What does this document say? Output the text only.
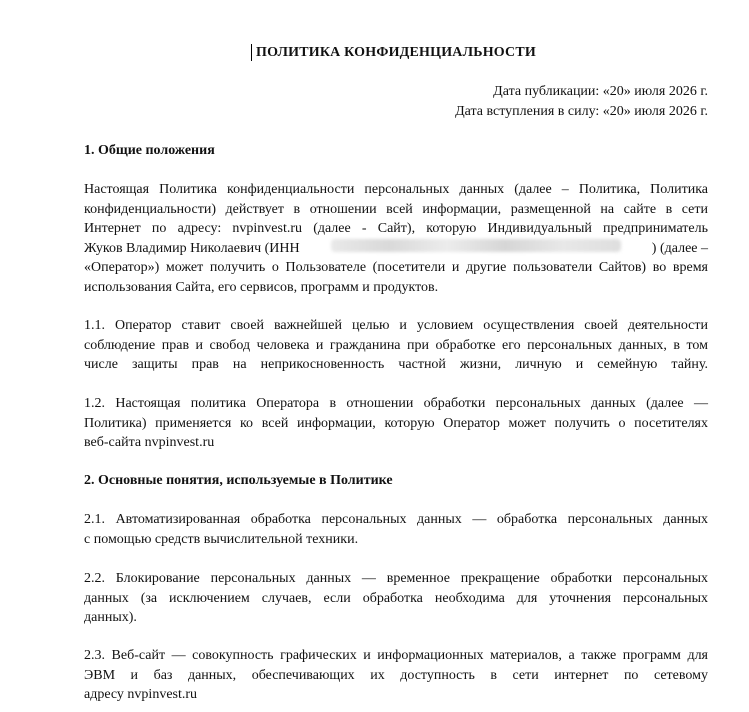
ПОЛИТИКА КОНФИДЕНЦИАЛЬНОСТИ
Дата публикации: «20» июля 2026 г.
Дата вступления в силу: «20» июля 2026 г.
1. Общие положения
Настоящая Политика конфиденциальности персональных данных (далее – Политика, Политика
конфиденциальности) действует в отношении всей информации, размещенной на сайте в сети
Интернет по адресу: nvpinvest.ru (далее - Сайт), которую Индивидуальный предприниматель
Жуков Владимир Николаевич (ИНН	) (далее –
«Оператор») может получить о Пользователе (посетители и другие пользователи Сайтов) во время
использования Сайта, его сервисов, программ и продуктов.
1.1. Оператор ставит своей важнейшей целью и условием осуществления своей деятельности
соблюдение прав и свобод человека и гражданина при обработке его персональных данных, в том
числе защиты прав на неприкосновенность частной жизни, личную и семейную тайну.
1.2. Настоящая политика Оператора в отношении обработки персональных данных (далее —
Политика) применяется ко всей информации, которую Оператор может получить о посетителях
веб-сайта nvpinvest.ru
2. Основные понятия, используемые в Политике
2.1. Автоматизированная обработка персональных данных — обработка персональных данных
с помощью средств вычислительной техники.
2.2. Блокирование персональных данных — временное прекращение обработки персональных
данных (за исключением случаев, если обработка необходима для уточнения персональных
данных).
2.3. Веб-сайт — совокупность графических и информационных материалов, а также программ для
ЭВМ и баз данных, обеспечивающих их доступность в сети интернет по сетевому
адресу nvpinvest.ru
